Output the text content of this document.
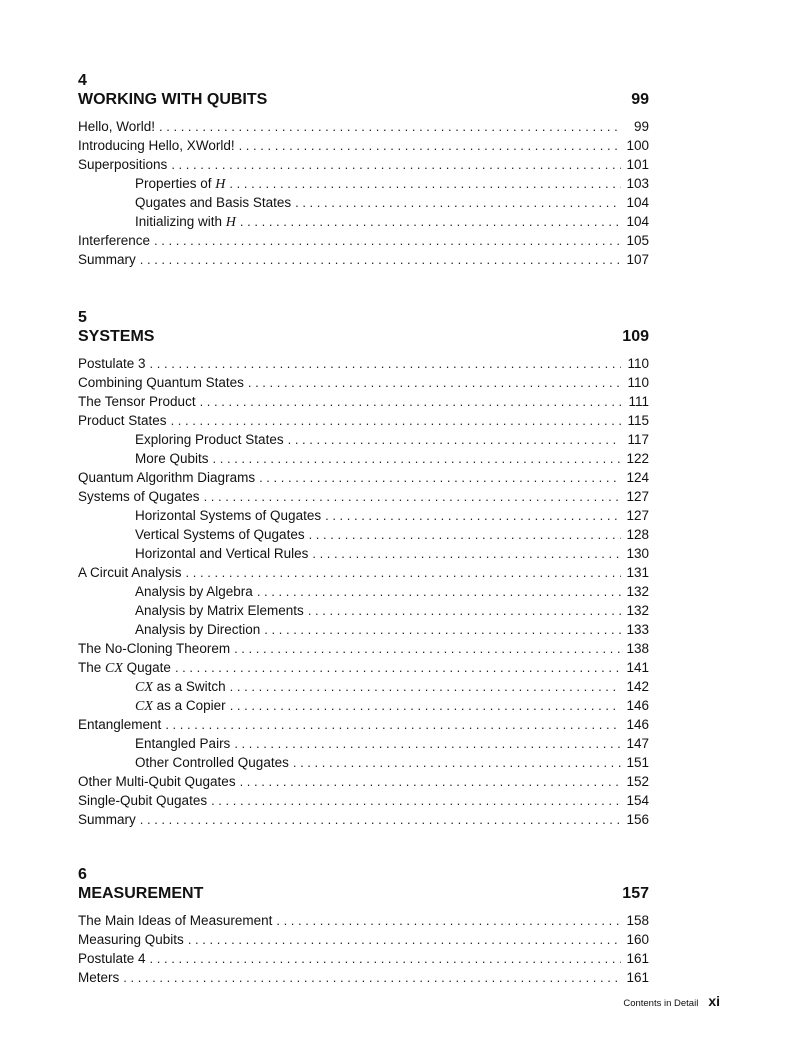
4
WORKING WITH QUBITS	99
Hello, World! . . .	99
Introducing Hello, XWorld! . . .	100
Superpositions . . .	101
Properties of H . . .	103
Qugates and Basis States . . .	104
Initializing with H . . .	104
Interference . . .	105
Summary . . .	107
5
SYSTEMS	109
Postulate 3 . . .	110
Combining Quantum States . . .	110
The Tensor Product . . .	111
Product States . . .	115
Exploring Product States . . .	117
More Qubits . . .	122
Quantum Algorithm Diagrams . . .	124
Systems of Qugates . . .	127
Horizontal Systems of Qugates . . .	127
Vertical Systems of Qugates . . .	128
Horizontal and Vertical Rules . . .	130
A Circuit Analysis . . .	131
Analysis by Algebra . . .	132
Analysis by Matrix Elements . . .	132
Analysis by Direction . . .	133
The No-Cloning Theorem . . .	138
The CX Qugate . . .	141
CX as a Switch . . .	142
CX as a Copier . . .	146
Entanglement . . .	146
Entangled Pairs . . .	147
Other Controlled Qugates . . .	151
Other Multi-Qubit Qugates . . .	152
Single-Qubit Qugates . . .	154
Summary . . .	156
6
MEASUREMENT	157
The Main Ideas of Measurement . . .	158
Measuring Qubits . . .	160
Postulate 4 . . .	161
Meters . . .	161
Contents in Detail xi
